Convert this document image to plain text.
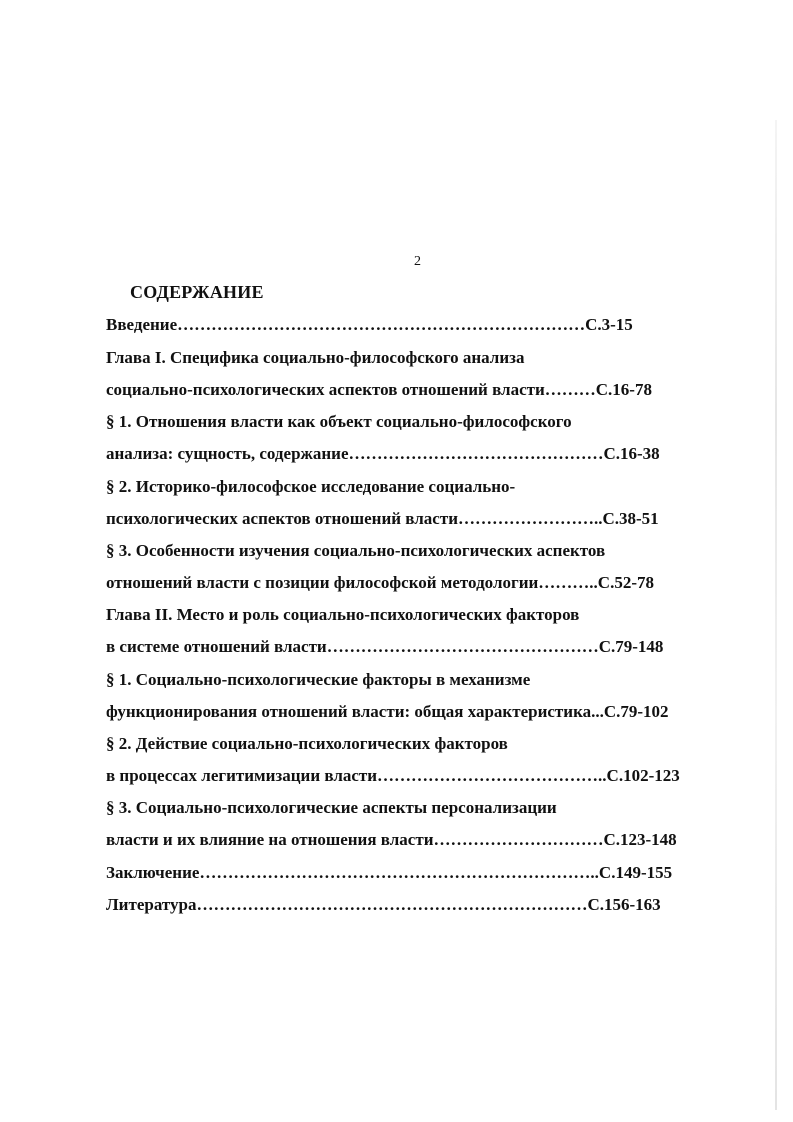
2
СОДЕРЖАНИЕ
Введение………………………………………………………………С.3-15
Глава I. Специфика социально-философского анализа
социально-психологических аспектов отношений власти………С.16-78
§ 1. Отношения власти как объект социально-философского
анализа: сущность, содержание………………………………………С.16-38
§ 2. Историко-философское исследование социально-
психологических аспектов отношений власти……………………..С.38-51
§ 3. Особенности изучения социально-психологических аспектов
отношений власти с позиции философской методологии………..С.52-78
Глава II. Место и роль социально-психологических факторов
в системе отношений власти…………………………………………С.79-148
§ 1. Социально-психологические факторы в механизме
функционирования отношений власти: общая характеристика...С.79-102
§ 2. Действие социально-психологических факторов
в процессах легитимизации власти…………………………………..С.102-123
§ 3. Социально-психологические аспекты персонализации
власти и их влияние на отношения власти…………………………С.123-148
Заключение……………………………………………………………..С.149-155
Литература……………………………………………………………С.156-163
